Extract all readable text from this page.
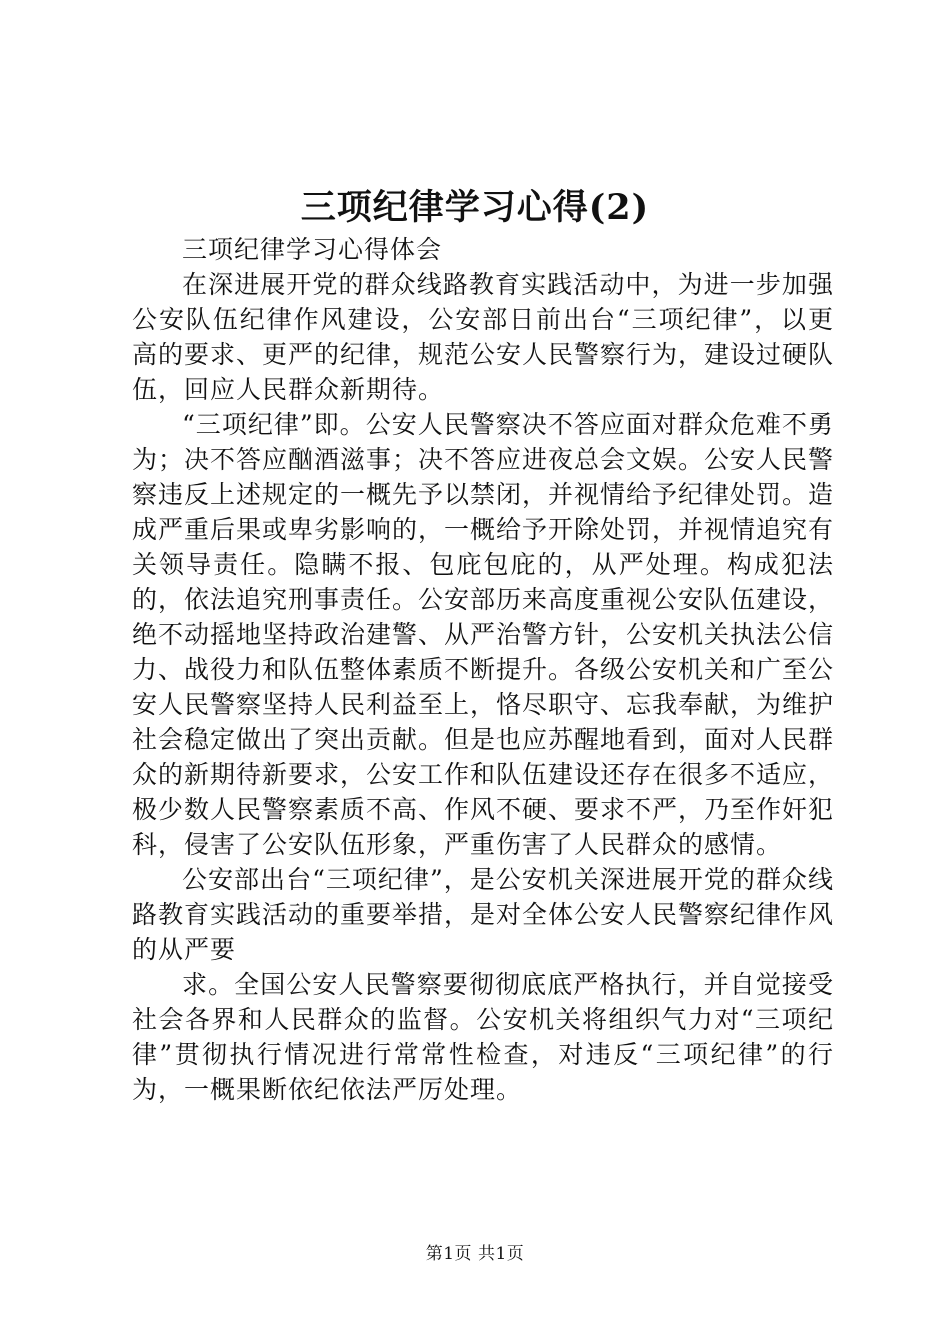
三项纪律学习心得(2)

三项纪律学习心得体会

在深进展开党的群众线路教育实践活动中，为进一步加强公安队伍纪律作风建设，公安部日前出台“三项纪律”，以更高的要求、更严的纪律，规范公安人民警察行为，建设过硬队伍，回应人民群众新期待。

“三项纪律”即。公安人民警察决不答应面对群众危难不勇为；决不答应酗酒滋事；决不答应进夜总会文娱。公安人民警察违反上述规定的一概先予以禁闭，并视情给予纪律处罚。造成严重后果或卑劣影响的，一概给予开除处罚，并视情追究有关领导责任。隐瞒不报、包庇包庇的，从严处理。构成犯法的，依法追究刑事责任。公安部历来高度重视公安队伍建设，绝不动摇地坚持政治建警、从严治警方针，公安机关执法公信力、战役力和队伍整体素质不断提升。各级公安机关和广至公安人民警察坚持人民利益至上，恪尽职守、忘我奉献，为维护社会稳定做出了突出贡献。但是也应苏醒地看到，面对人民群众的新期待新要求，公安工作和队伍建设还存在很多不适应，极少数人民警察素质不高、作风不硬、要求不严，乃至作奸犯科，侵害了公安队伍形象，严重伤害了人民群众的感情。

公安部出台“三项纪律”，是公安机关深进展开党的群众线路教育实践活动的重要举措，是对全体公安人民警察纪律作风的从严要

求。全国公安人民警察要彻彻底底严格执行，并自觉接受社会各界和人民群众的监督。公安机关将组织气力对“三项纪律”贯彻执行情况进行常常性检查，对违反“三项纪律”的行为，一概果断依纪依法严厉处理。

第1页 共1页
